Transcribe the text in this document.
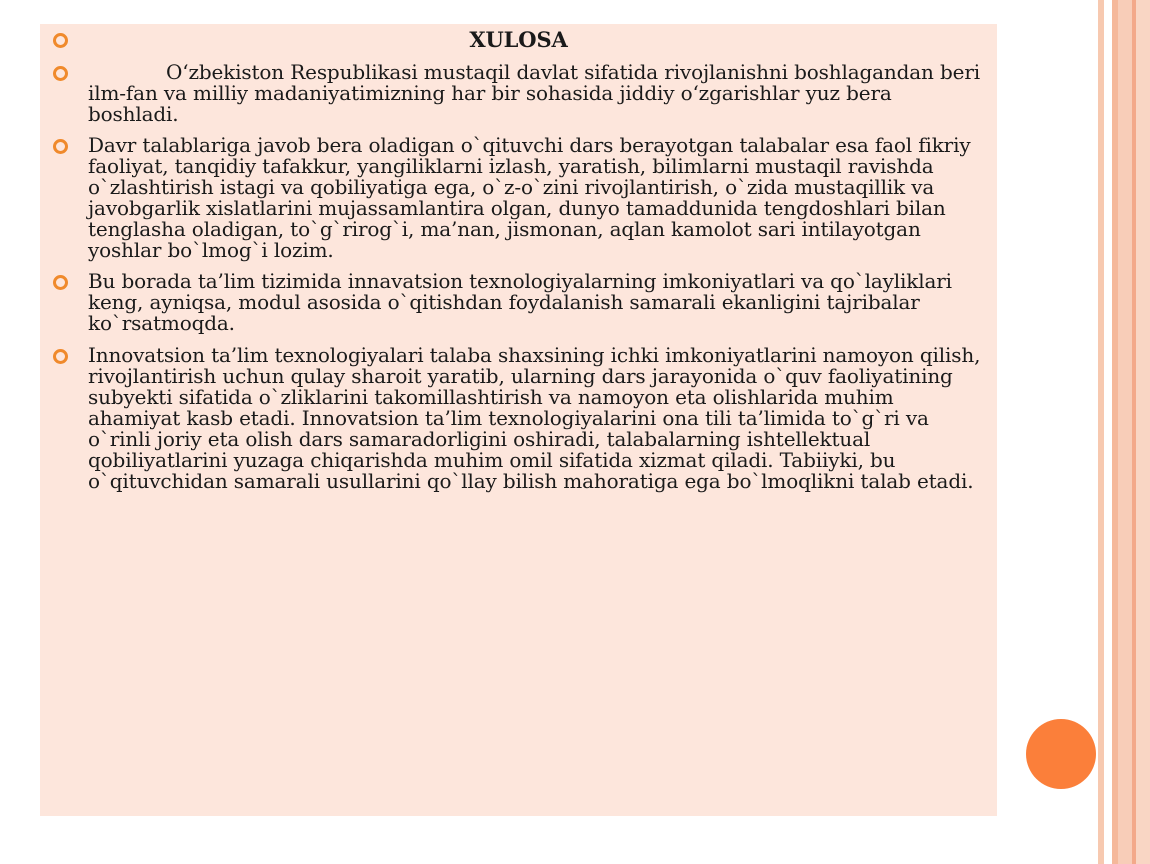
XULOSA
Oʻzbekiston Respublikasi mustaqil davlat sifatida rivojlanishni boshlagandan beri ilm-fan va milliy madaniyatimizning har bir sohasida jiddiy oʻzgarishlar yuz bera boshladi.
Davr talablariga javob bera oladigan o`qituvchi dars berayotgan talabalar esa faol fikriy faoliyat, tanqidiy tafakkur, yangiliklarni izlash, yaratish, bilimlarni mustaqil ravishda o`zlashtirish istagi va qobiliyatiga ega, o`z-o`zini rivojlantirish, o`zida mustaqillik va javobgarlik xislatlarini mujassamlantira olgan, dunyo tamaddunida tengdoshlari bilan tenglasha oladigan, to`g`rirog`i, ma’nan, jismonan, aqlan kamolot sari intilayotgan yoshlar bo`lmog`i lozim.
Bu borada ta’lim tizimida innavatsion texnologiyalarning imkoniyatlari va qo`layliklari keng, ayniqsa, modul asosida o`qitishdan foydalanish samarali ekanligini tajribalar ko`rsatmoqda.
Innovatsion ta’lim texnologiyalari talaba shaxsining ichki imkoniyatlarini namoyon qilish, rivojlantirish uchun qulay sharoit yaratib, ularning dars jarayonida o`quv faoliyatining subyekti sifatida o`zliklarini takomillashtirish va namoyon eta olishlarida muhim ahamiyat kasb etadi. Innovatsion ta’lim texnologiyalarini ona tili ta’limida to`g`ri va o`rinli joriy eta olish dars samaradorligini oshiradi, talabalarning ishtellektual qobiliyatlarini yuzaga chiqarishda muhim omil sifatida xizmat qiladi. Tabiiyki, bu o`qituvchidan samarali usullarini qo`llay bilish mahoratiga ega bo`lmoqlikni talab etadi.
